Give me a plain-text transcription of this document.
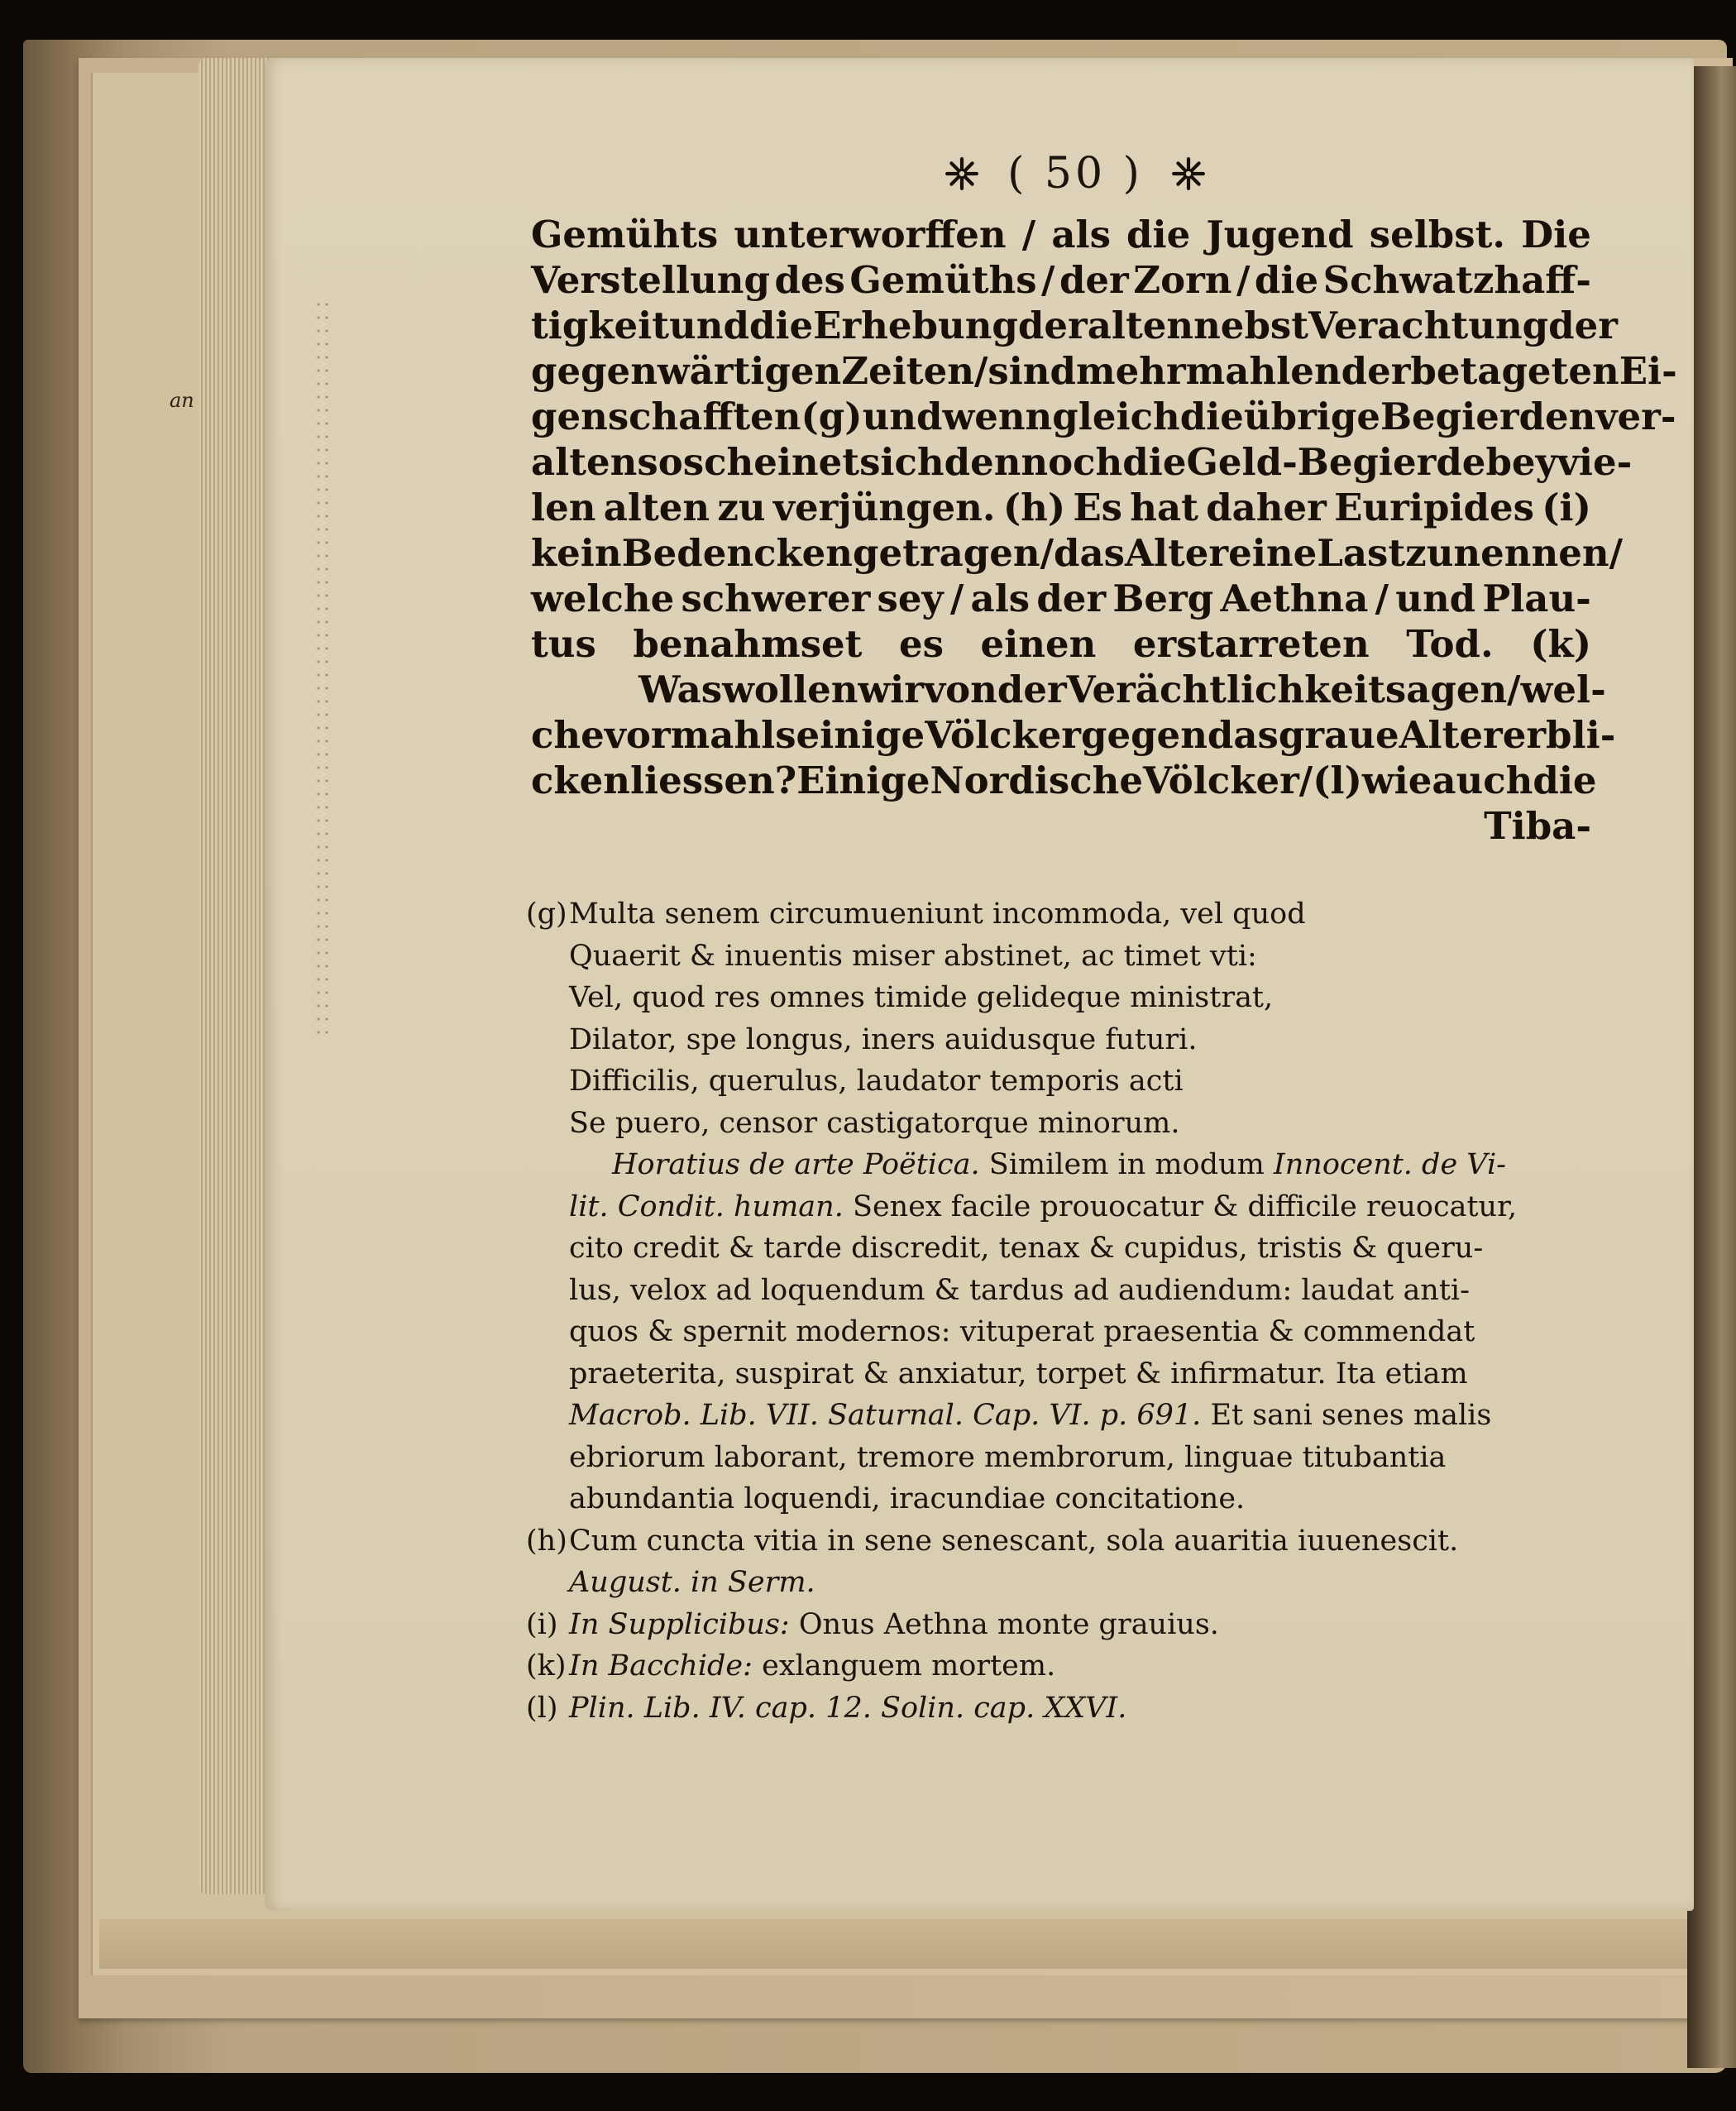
an
( 50 )
Gemühts unterworffen / als die Jugend selbst. Die
Verstellung des Gemüths / der Zorn / die Schwatzhaff-
tigkeit und die Erhebung der alten nebst Verachtung der
gegenwärtigen Zeiten / sind mehrmahlen der betageten Ei-
genschafften (g) und wenn gleich die übrige Begierden ver-
alten so scheinet sich dennoch die Geld-Begierde bey vie-
len alten zu verjüngen. (h) Es hat daher Euripides (i)
kein Bedencken getragen / das Alter eine Last zu nennen /
welche schwerer sey / als der Berg Aethna / und Plau-
tus benahmset es einen erstarreten Tod. (k)
Was wollen wir von der Verächtlichkeit sagen / wel-
che vormahls einige Völcker gegen das graue Alter erbli-
cken liessen? Einige Nordische Völcker / (l) wieauch die
Tiba-
(g)Multa senem circumueniunt incommoda, vel quod
Quaerit & inuentis miser abstinet, ac timet vti:
Vel, quod res omnes timide gelideque ministrat,
Dilator, spe longus, iners auidusque futuri.
Difficilis, querulus, laudator temporis acti
Se puero, censor castigatorque minorum.
Horatius de arte Poëtica. Similem in modum Innocent. de Vi-
lit. Condit. human. Senex facile prouocatur & difficile reuocatur,
cito credit & tarde discredit, tenax & cupidus, tristis & queru-
lus, velox ad loquendum & tardus ad audiendum: laudat anti-
quos & spernit modernos: vituperat praesentia & commendat
praeterita, suspirat & anxiatur, torpet & infirmatur. Ita etiam
Macrob. Lib. VII. Saturnal. Cap. VI. p. 691. Et sani senes malis
ebriorum laborant, tremore membrorum, linguae titubantia
abundantia loquendi, iracundiae concitatione.
(h)Cum cuncta vitia in sene senescant, sola auaritia iuuenescit.
August. in Serm.
(i) In Supplicibus: Onus Aethna monte grauius.
(k)In Bacchide: exlanguem mortem.
(l) Plin. Lib. IV. cap. 12. Solin. cap. XXVI.
